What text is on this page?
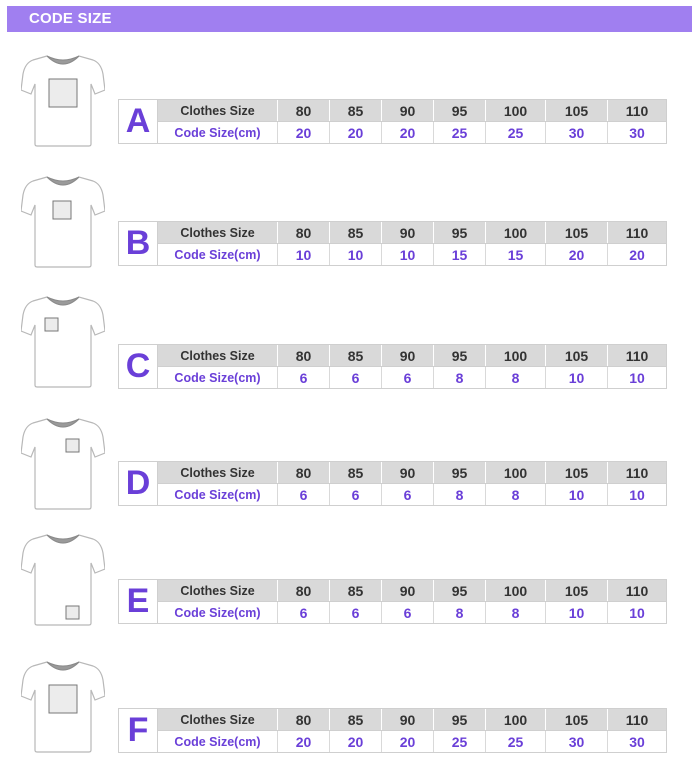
CODE SIZE
A	Clothes Size	80	85	90	95	100	105	110
Code Size(cm)	20	20	20	25	25	30	30
B	Clothes Size	80	85	90	95	100	105	110
Code Size(cm)	10	10	10	15	15	20	20
C	Clothes Size	80	85	90	95	100	105	110
Code Size(cm)	6	6	6	8	8	10	10
D	Clothes Size	80	85	90	95	100	105	110
Code Size(cm)	6	6	6	8	8	10	10
E	Clothes Size	80	85	90	95	100	105	110
Code Size(cm)	6	6	6	8	8	10	10
F	Clothes Size	80	85	90	95	100	105	110
Code Size(cm)	20	20	20	25	25	30	30
